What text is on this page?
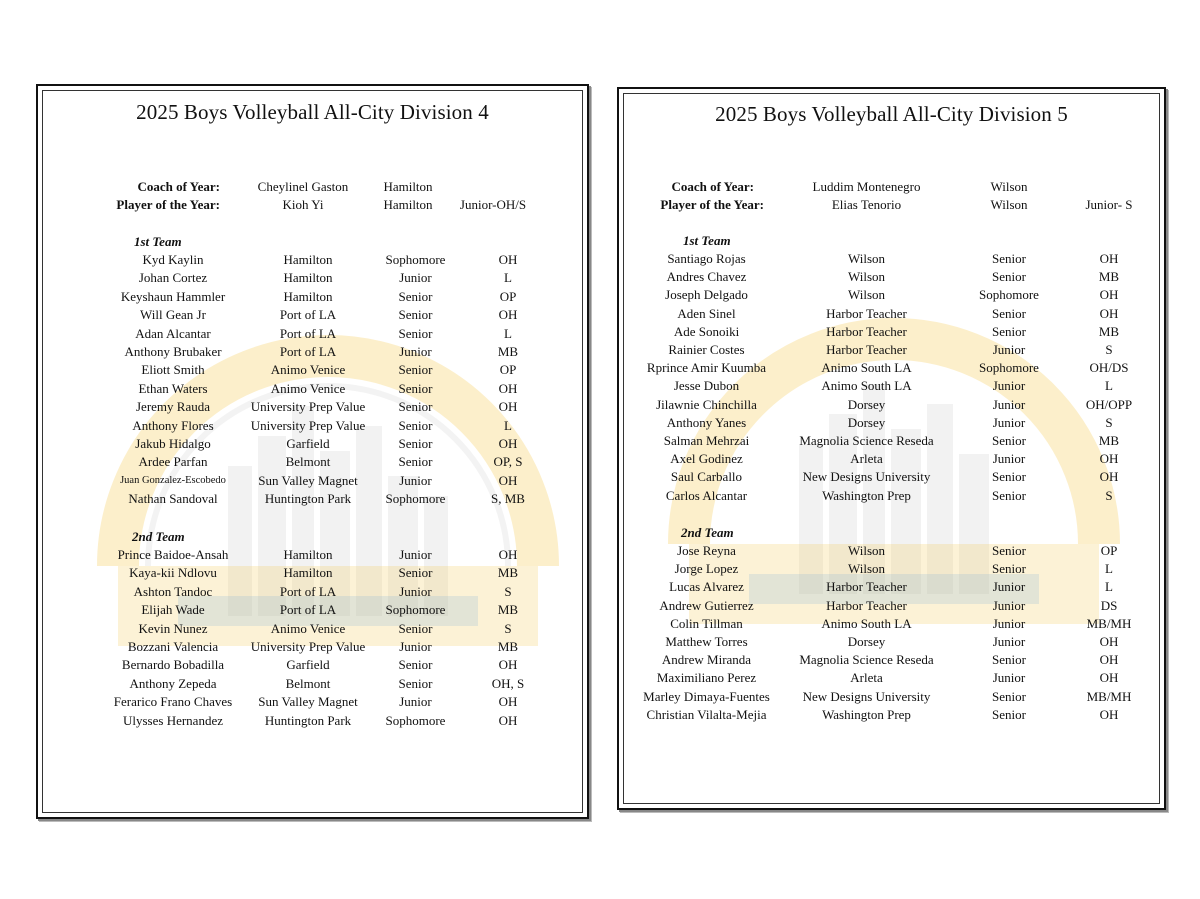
2025 Boys Volleyball All-City Division 4
Coach of Year:	Cheylinel Gaston	Hamilton
Player of the Year:	Kioh Yi	Hamilton	Junior-OH/S
1st Team
Kyd Kaylin	Hamilton	Sophomore	OH
Johan Cortez	Hamilton	Junior	L
Keyshaun Hammler	Hamilton	Senior	OP
Will Gean Jr	Port of LA	Senior	OH
Adan Alcantar	Port of LA	Senior	L
Anthony Brubaker	Port of LA	Junior	MB
Eliott Smith	Animo Venice	Senior	OP
Ethan Waters	Animo Venice	Senior	OH
Jeremy Rauda	University Prep Value	Senior	OH
Anthony Flores	University Prep Value	Senior	L
Jakub Hidalgo	Garfield	Senior	OH
Ardee Parfan	Belmont	Senior	OP, S
Juan Gonzalez-Escobedo	Sun Valley Magnet	Junior	OH
Nathan Sandoval	Huntington Park	Sophomore	S, MB
2nd Team
Prince Baidoe-Ansah	Hamilton	Junior	OH
Kaya-kii Ndlovu	Hamilton	Senior	MB
Ashton Tandoc	Port of LA	Junior	S
Elijah Wade	Port of LA	Sophomore	MB
Kevin Nunez	Animo Venice	Senior	S
Bozzani Valencia	University Prep Value	Junior	MB
Bernardo Bobadilla	Garfield	Senior	OH
Anthony Zepeda	Belmont	Senior	OH, S
Ferarico Frano Chaves	Sun Valley Magnet	Junior	OH
Ulysses Hernandez	Huntington Park	Sophomore	OH
2025 Boys Volleyball All-City Division 5
Coach of Year:	Luddim Montenegro	Wilson
Player of the Year:	Elias Tenorio	Wilson	Junior- S
1st Team
Santiago Rojas	Wilson	Senior	OH
Andres Chavez	Wilson	Senior	MB
Joseph Delgado	Wilson	Sophomore	OH
Aden Sinel	Harbor Teacher	Senior	OH
Ade Sonoiki	Harbor Teacher	Senior	MB
Rainier Costes	Harbor Teacher	Junior	S
Rprince Amir Kuumba	Animo South LA	Sophomore	OH/DS
Jesse Dubon	Animo South LA	Junior	L
Jilawnie Chinchilla	Dorsey	Junior	OH/OPP
Anthony Yanes	Dorsey	Junior	S
Salman Mehrzai	Magnolia Science Reseda	Senior	MB
Axel Godinez	Arleta	Junior	OH
Saul Carballo	New Designs University	Senior	OH
Carlos Alcantar	Washington Prep	Senior	S
2nd Team
Jose Reyna	Wilson	Senior	OP
Jorge Lopez	Wilson	Senior	L
Lucas Alvarez	Harbor Teacher	Junior	L
Andrew Gutierrez	Harbor Teacher	Junior	DS
Colin Tillman	Animo South LA	Junior	MB/MH
Matthew Torres	Dorsey	Junior	OH
Andrew Miranda	Magnolia Science Reseda	Senior	OH
Maximiliano Perez	Arleta	Junior	OH
Marley Dimaya-Fuentes	New Designs University	Senior	MB/MH
Christian Vilalta-Mejia	Washington Prep	Senior	OH
